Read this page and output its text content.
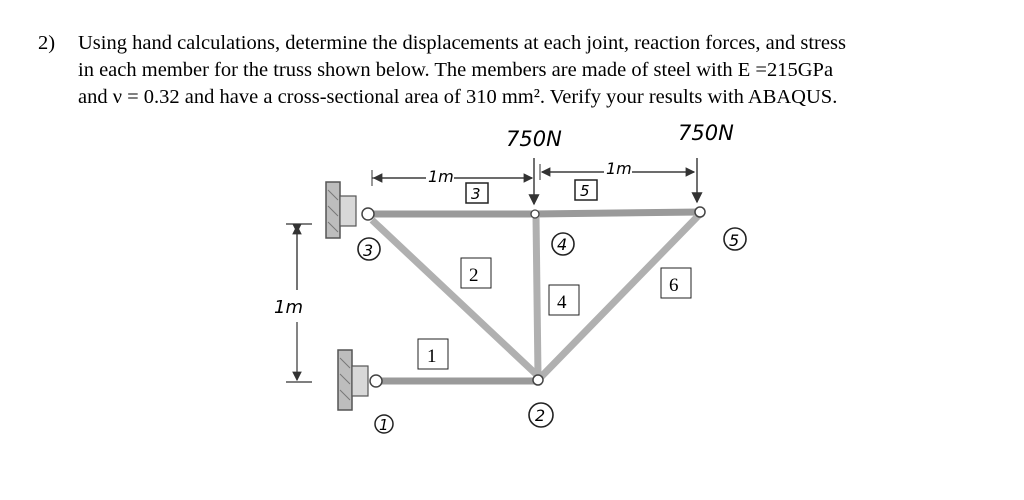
2) Using hand calculations, determine the displacements at each joint, reaction forces, and stress
in each member for the truss shown below. The members are made of steel with E =215GPa
and ν = 0.32 and have a cross-sectional area of 310 mm². Verify your results with ABAQUS.
750N	750N
1m	1m
1m
3	4	5
1	2
3	5
2
4
6
1
